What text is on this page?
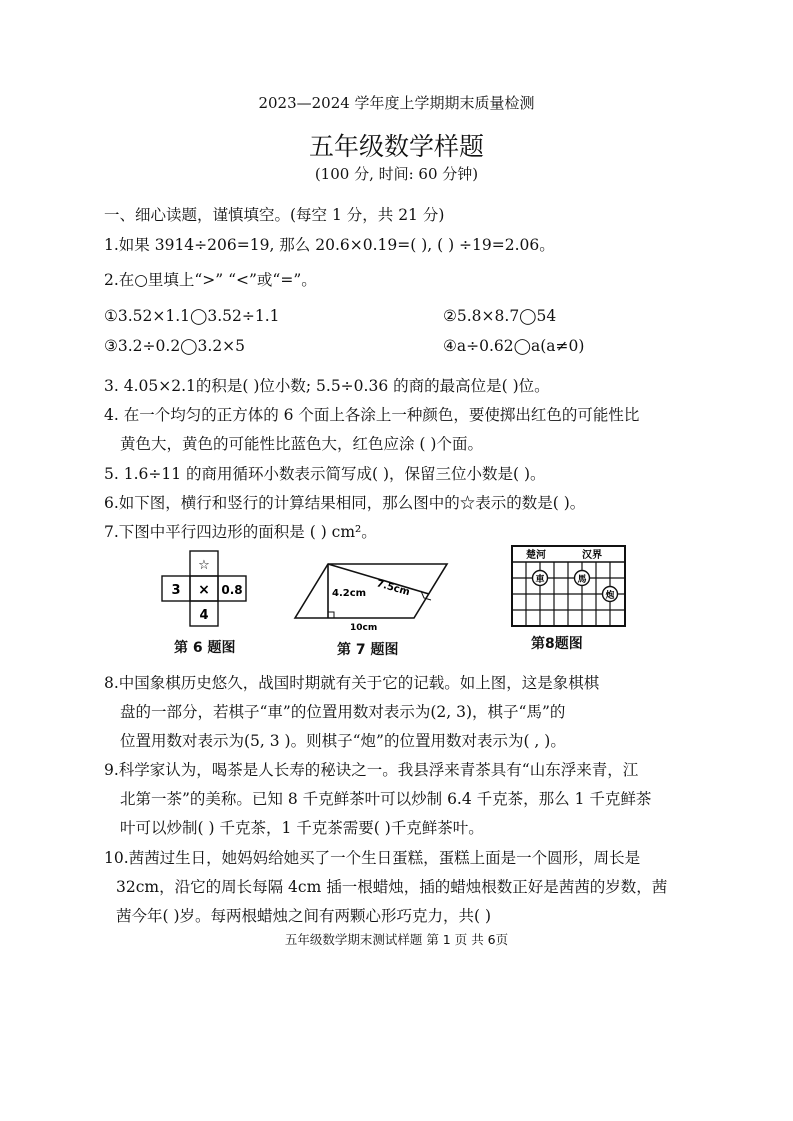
2023—2024 学年度上学期期末质量检测
五年级数学样题
(100 分, 时间: 60 分钟)
一、细心读题，谨慎填空。(每空 1 分，共 21 分)
1.如果 3914÷206=19, 那么 20.6×0.19=( ), ( ) ÷19=2.06。
2.在○里填上“>” “<”或“=”。
①3.52×1.1◯3.52÷1.1	②5.8×8.7◯54
③3.2÷0.2◯3.2×5	④a÷0.62◯a(a≠0)
3. 4.05×2.1的积是( )位小数; 5.5÷0.36 的商的最高位是( )位。
4. 在一个均匀的正方体的 6 个面上各涂上一种颜色，要使掷出红色的可能性比
黄色大，黄色的可能性比蓝色大，红色应涂 ( )个面。
5. 1.6÷11 的商用循环小数表示简写成( )，保留三位小数是( )。
6.如下图，横行和竖行的计算结果相同，那么图中的☆表示的数是( )。
7.下图中平行四边形的面积是 ( ) cm²。
☆
3 × 0.8
4
第 6 题图
4.2cm 7.5cm
10cm
第 7 题图
楚河	汉界
車	馬
炮
第8题图
8.中国象棋历史悠久，战国时期就有关于它的记载。如上图，这是象棋棋
盘的一部分，若棋子“車”的位置用数对表示为(2, 3)，棋子“馬”的
位置用数对表示为(5, 3 )。则棋子“炮”的位置用数对表示为( , )。
9.科学家认为，喝茶是人长寿的秘诀之一。我县浮来青茶具有“山东浮来青，江
北第一茶”的美称。已知 8 千克鲜茶叶可以炒制 6.4 千克茶，那么 1 千克鲜茶
叶可以炒制( ) 千克茶，1 千克茶需要( )千克鲜茶叶。
10.茜茜过生日，她妈妈给她买了一个生日蛋糕，蛋糕上面是一个圆形，周长是
32cm，沿它的周长每隔 4cm 插一根蜡烛，插的蜡烛根数正好是茜茜的岁数，茜
茜今年( )岁。每两根蜡烛之间有两颗心形巧克力，共( )
五年级数学期末测试样题 第 1 页 共 6页
